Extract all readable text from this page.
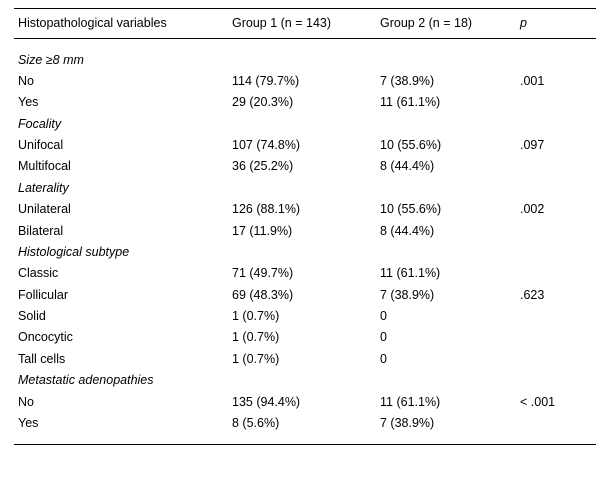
Histopathological variables	Group 1 (n = 143)	Group 2 (n = 18)	p

Size ≥8 mm			
No	114 (79.7%)	7 (38.9%)	.001
Yes	29 (20.3%)	11 (61.1%)	
Focality			
Unifocal	107 (74.8%)	10 (55.6%)	.097
Multifocal	36 (25.2%)	8 (44.4%)	
Laterality			
Unilateral	126 (88.1%)	10 (55.6%)	.002
Bilateral	17 (11.9%)	8 (44.4%)	
Histological subtype			
Classic	71 (49.7%)	11 (61.1%)	
Follicular	69 (48.3%)	7 (38.9%)	.623
Solid	1 (0.7%)	0	
Oncocytic	1 (0.7%)	0	
Tall cells	1 (0.7%)	0	
Metastatic adenopathies			
No	135 (94.4%)	11 (61.1%)	< .001
Yes	8 (5.6%)	7 (38.9%)	
